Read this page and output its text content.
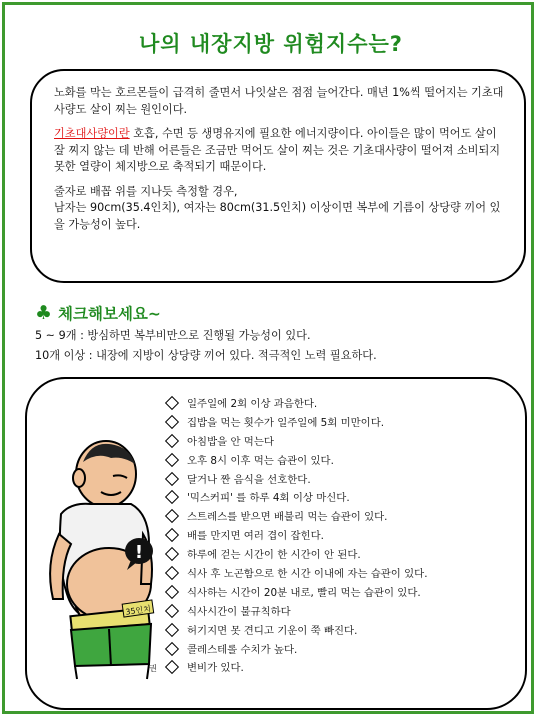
나의 내장지방 위험지수는?

노화를 막는 호르몬들이 급격히 줄면서 나잇살은 점점 늘어간다. 매년 1%씩 떨어지는 기초대사량도 살이 찌는 원인이다.

기초대사량이란 호흡, 수면 등 생명유지에 필요한 에너지량이다. 아이들은 많이 먹어도 살이 잘 찌지 않는 데 반해 어른들은 조금만 먹어도 살이 찌는 것은 기초대사량이 떨어져 소비되지 못한 열량이 체지방으로 축적되기 때문이다.

줄자로 배꼽 위를 지나듯 측정할 경우,
남자는 90cm(35.4인치), 여자는 80cm(31.5인치) 이상이면 복부에 기름이 상당량 끼어 있을 가능성이 높다.

♣ 체크해보세요~
5 ~ 9개 : 방심하면 복부비만으로 진행될 가능성이 있다.
10개 이상 : 내장에 지방이 상당량 끼어 있다. 적극적인 노력 필요하다.
!
35인치
권
일주일에 2회 이상 과음한다.
집밥을 먹는 횟수가 일주일에 5회 미만이다.
아침밥을 안 먹는다
오후 8시 이후 먹는 습관이 있다.
달거나 짠 음식을 선호한다.
'믹스커피' 를 하루 4회 이상 마신다.
스트레스를 받으면 배불리 먹는 습관이 있다.
배를 만지면 여러 겹이 잡힌다.
하루에 걷는 시간이 한 시간이 안 된다.
식사 후 노곤함으로 한 시간 이내에 자는 습관이 있다.
식사하는 시간이 20분 내로, 빨리 먹는 습관이 있다.
식사시간이 불규칙하다
허기지면 못 견디고 기운이 쭉 빠진다.
콜레스테롤 수치가 높다.
변비가 있다.
